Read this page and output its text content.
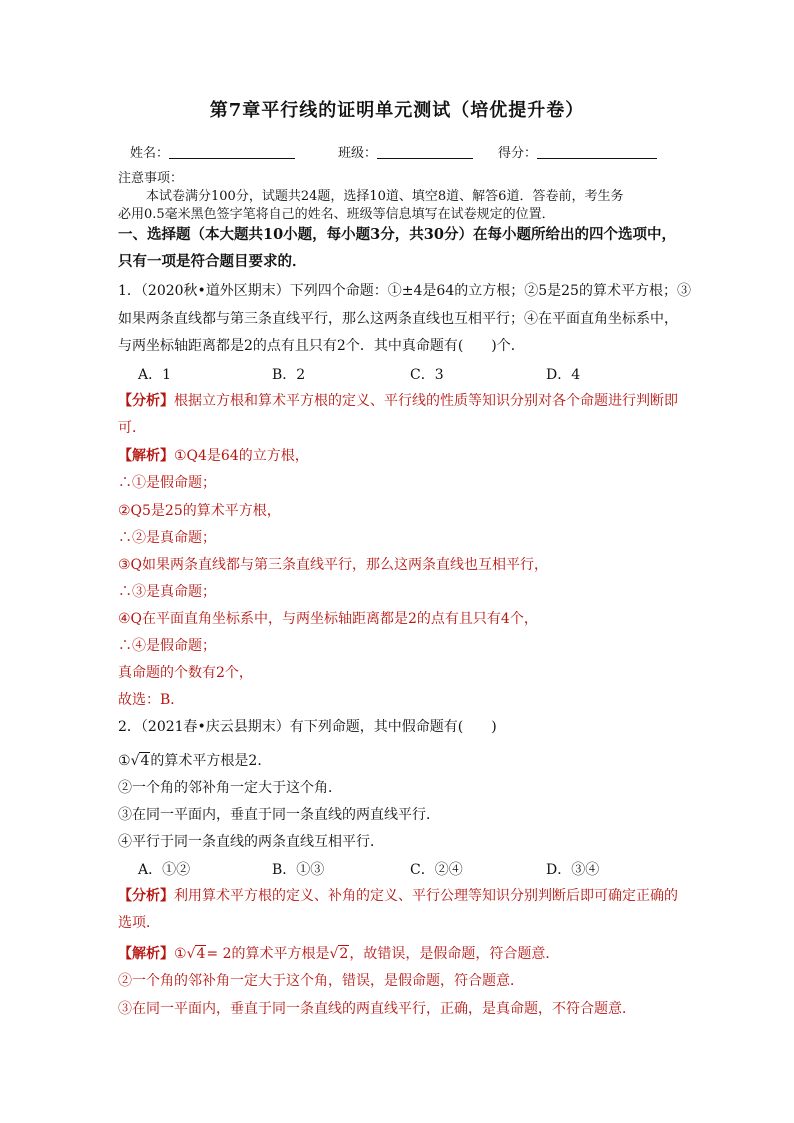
第7章平行线的证明单元测试（培优提升卷）
姓名：	班级：	得分：
注意事项：
本试卷满分100分，试题共24题，选择10道、填空8道、解答6道．答卷前，考生务
必用0.5毫米黑色签字笔将自己的姓名、班级等信息填写在试卷规定的位置．
一、选择题（本大题共10小题，每小题3分，共30分）在每小题所给出的四个选项中，
只有一项是符合题目要求的．
1．（2020秋•道外区期末）下列四个命题：①±4是64的立方根；②5是25的算术平方根；③
如果两条直线都与第三条直线平行，那么这两条直线也互相平行；④在平面直角坐标系中，
与两坐标轴距离都是2的点有且只有2个．其中真命题有(　　)个．
A．1	B．2	C．3	D．4
【分析】根据立方根和算术平方根的定义、平行线的性质等知识分别对各个命题进行判断即
可．
【解析】①Q4是64的立方根，
∴①是假命题；
②Q5是25的算术平方根，
∴②是真命题；
③Q如果两条直线都与第三条直线平行，那么这两条直线也互相平行，
∴③是真命题；
④Q在平面直角坐标系中，与两坐标轴距离都是2的点有且只有4个，
∴④是假命题；
真命题的个数有2个，
故选：B．
2．（2021春•庆云县期末）有下列命题，其中假命题有(　　)
①√4的算术平方根是2．
②一个角的邻补角一定大于这个角．
③在同一平面内，垂直于同一条直线的两直线平行．
④平行于同一条直线的两条直线互相平行．
A．①②	B．①③	C．②④	D．③④
【分析】利用算术平方根的定义、补角的定义、平行公理等知识分别判断后即可确定正确的
选项．
【解析】①√4= 2的算术平方根是√2，故错误，是假命题，符合题意．
②一个角的邻补角一定大于这个角，错误，是假命题，符合题意．
③在同一平面内，垂直于同一条直线的两直线平行，正确，是真命题，不符合题意．
